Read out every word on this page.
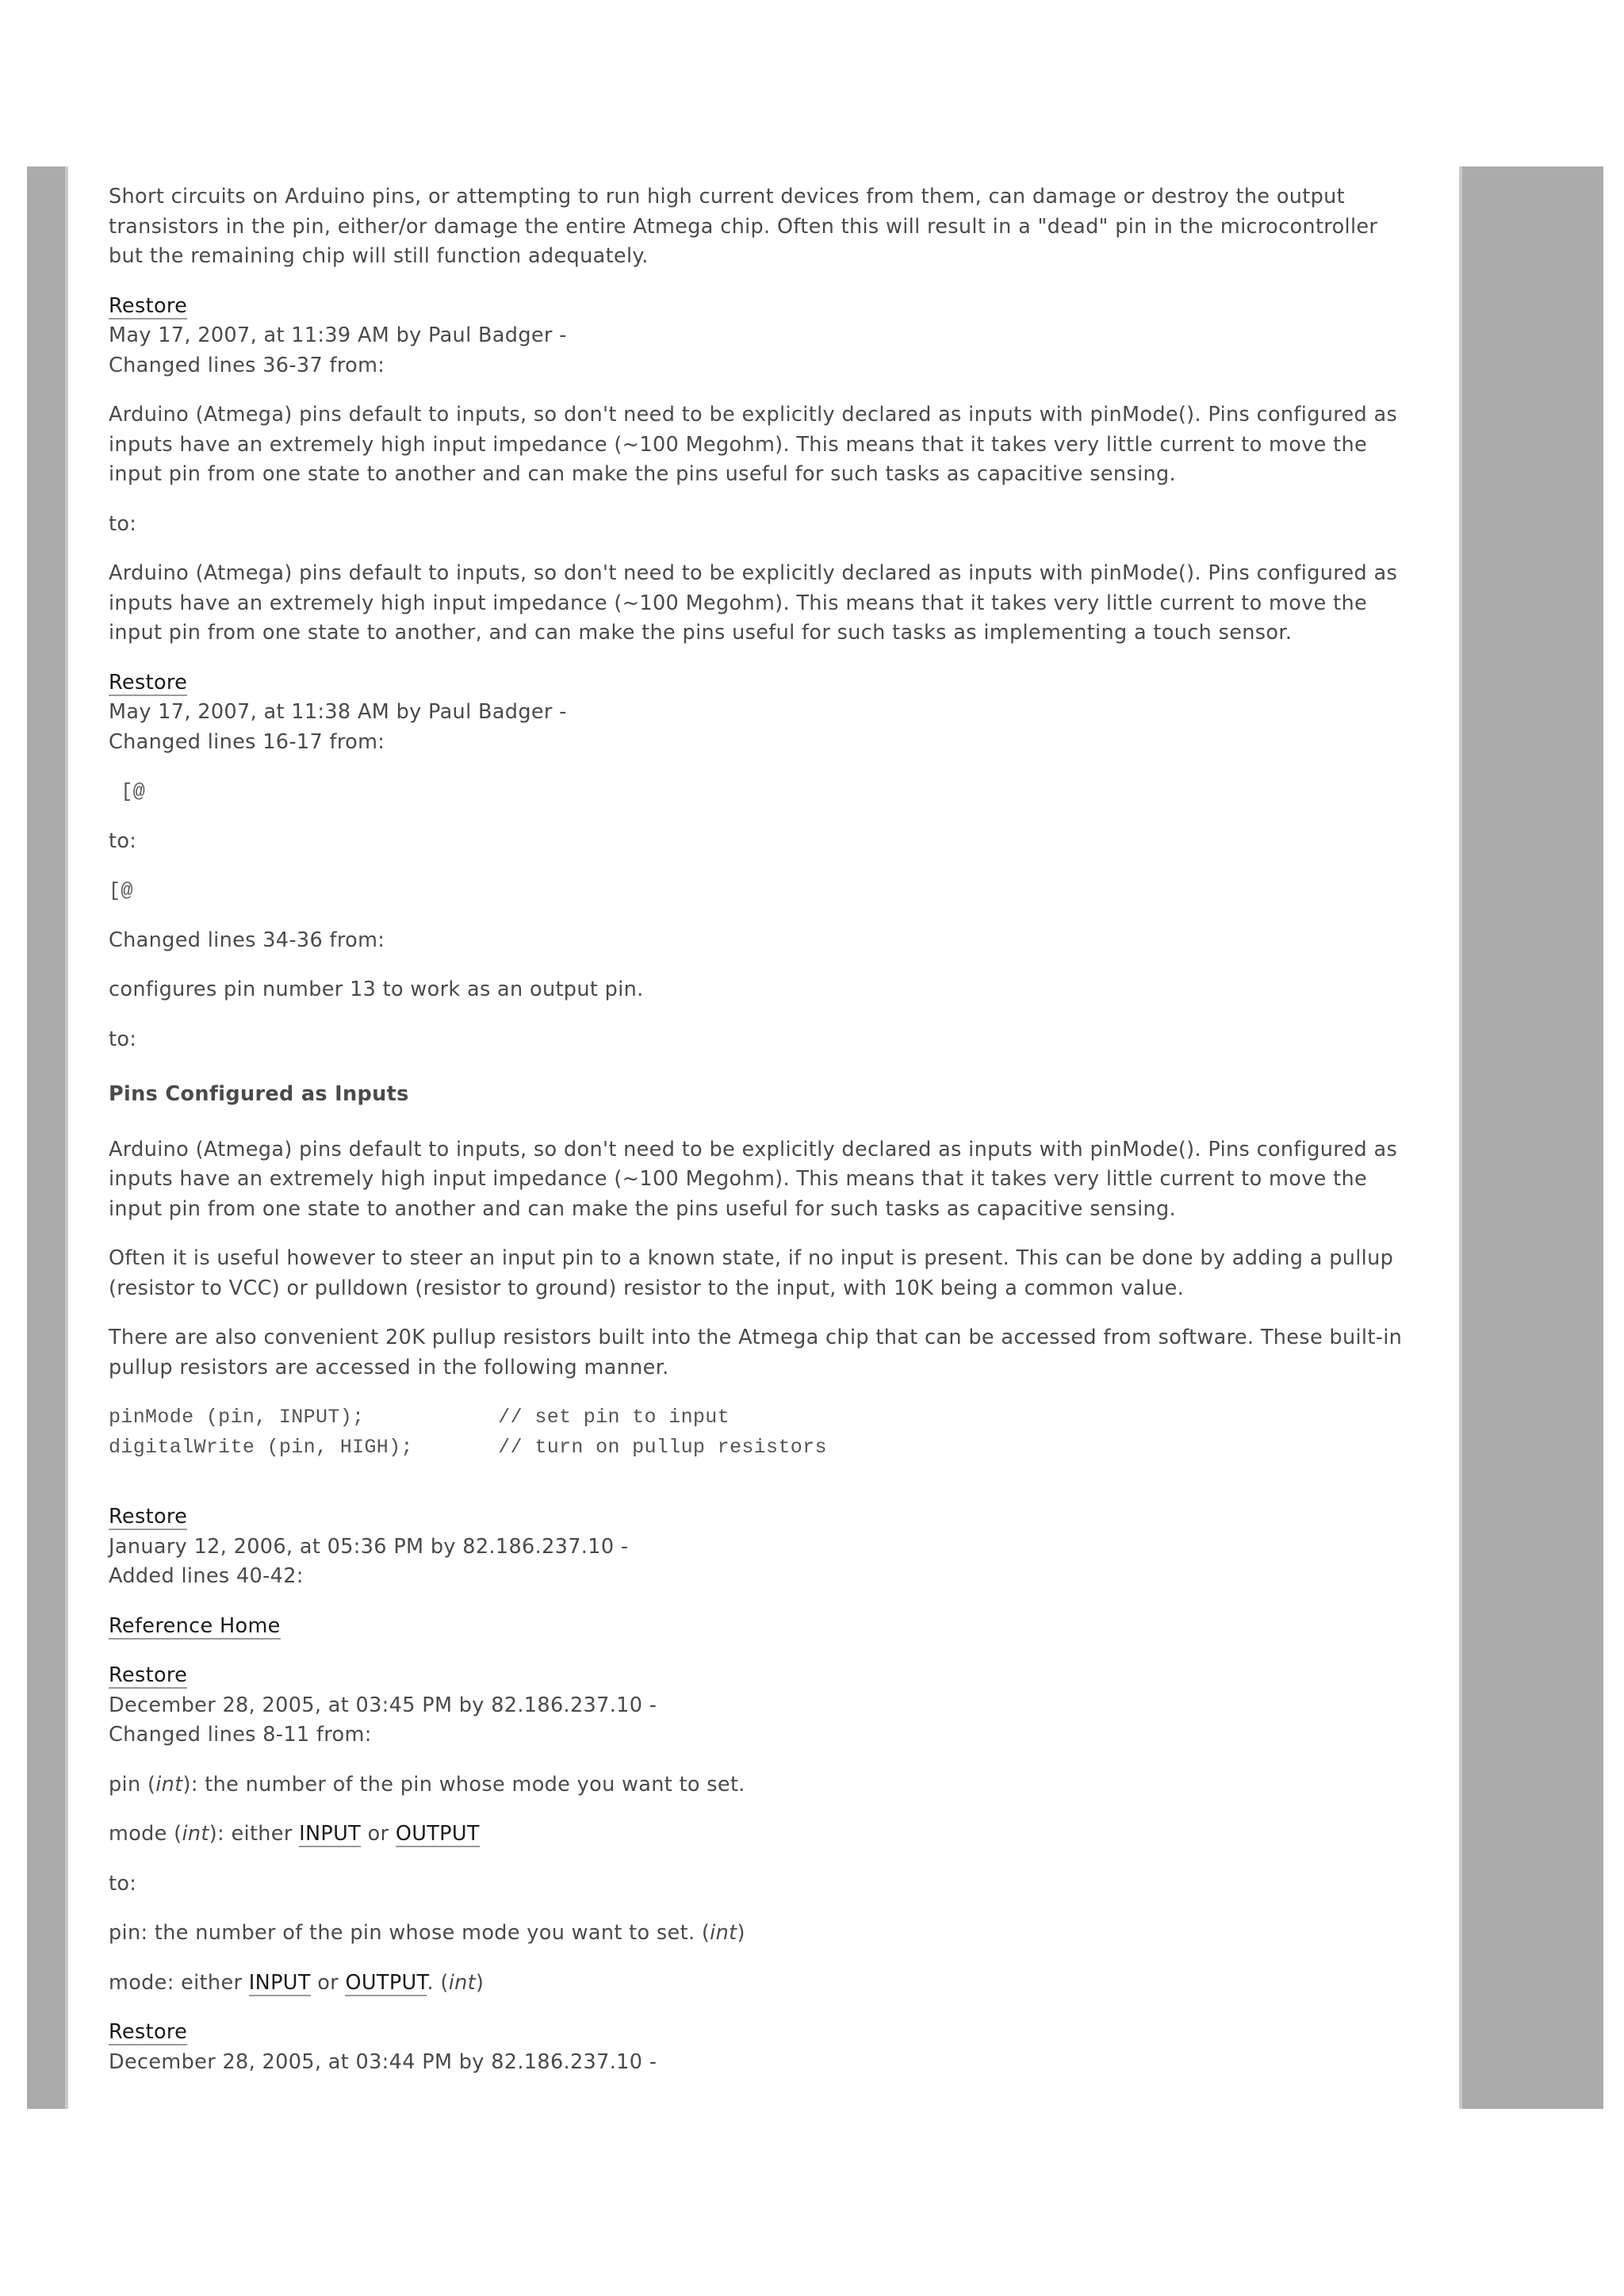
Short circuits on Arduino pins, or attempting to run high current devices from them, can damage or destroy the output transistors in the pin, either/or damage the entire Atmega chip. Often this will result in a "dead" pin in the microcontroller but the remaining chip will still function adequately.

Restore
May 17, 2007, at 11:39 AM by Paul Badger -
Changed lines 36-37 from:

Arduino (Atmega) pins default to inputs, so don't need to be explicitly declared as inputs with pinMode(). Pins configured as inputs have an extremely high input impedance (~100 Megohm). This means that it takes very little current to move the input pin from one state to another and can make the pins useful for such tasks as capacitive sensing.

to:

Arduino (Atmega) pins default to inputs, so don't need to be explicitly declared as inputs with pinMode(). Pins configured as inputs have an extremely high input impedance (~100 Megohm). This means that it takes very little current to move the input pin from one state to another, and can make the pins useful for such tasks as implementing a touch sensor.

Restore
May 17, 2007, at 11:38 AM by Paul Badger -
Changed lines 16-17 from:

[@

to:

[@

Changed lines 34-36 from:

configures pin number 13 to work as an output pin.

to:

Pins Configured as Inputs

Arduino (Atmega) pins default to inputs, so don't need to be explicitly declared as inputs with pinMode(). Pins configured as inputs have an extremely high input impedance (~100 Megohm). This means that it takes very little current to move the input pin from one state to another and can make the pins useful for such tasks as capacitive sensing.

Often it is useful however to steer an input pin to a known state, if no input is present. This can be done by adding a pullup (resistor to VCC) or pulldown (resistor to ground) resistor to the input, with 10K being a common value.

There are also convenient 20K pullup resistors built into the Atmega chip that can be accessed from software. These built-in pullup resistors are accessed in the following manner.

pinMode (pin, INPUT);           // set pin to input
digitalWrite (pin, HIGH);       // turn on pullup resistors

Restore
January 12, 2006, at 05:36 PM by 82.186.237.10 -
Added lines 40-42:

Reference Home

Restore
December 28, 2005, at 03:45 PM by 82.186.237.10 -
Changed lines 8-11 from:

pin (int): the number of the pin whose mode you want to set.

mode (int): either INPUT or OUTPUT

to:

pin: the number of the pin whose mode you want to set. (int)

mode: either INPUT or OUTPUT. (int)

Restore
December 28, 2005, at 03:44 PM by 82.186.237.10 -
